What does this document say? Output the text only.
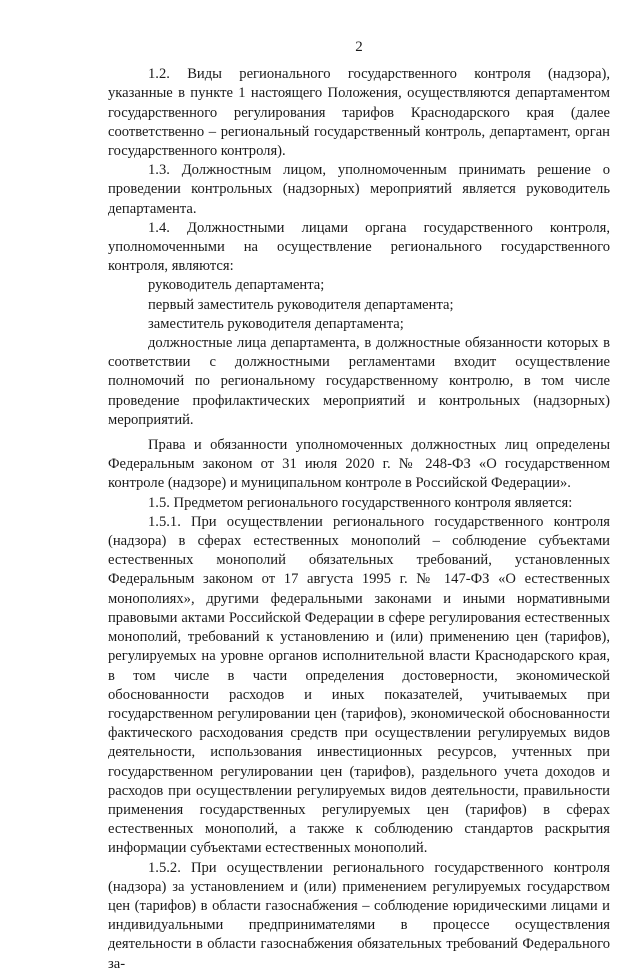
2

1.2. Виды регионального государственного контроля (надзора), указанные в пункте 1 настоящего Положения, осуществляются департаментом государственного регулирования тарифов Краснодарского края (далее соответственно – региональный государственный контроль, департамент, орган государственного контроля).

1.3. Должностным лицом, уполномоченным принимать решение о проведении контрольных (надзорных) мероприятий является руководитель департамента.

1.4. Должностными лицами органа государственного контроля, уполномоченными на осуществление регионального государственного контроля, являются:

руководитель департамента;

первый заместитель руководителя департамента;

заместитель руководителя департамента;

должностные лица департамента, в должностные обязанности которых в соответствии с должностными регламентами входит осуществление полномочий по региональному государственному контролю, в том числе проведение профилактических мероприятий и контрольных (надзорных) мероприятий.

Права и обязанности уполномоченных должностных лиц определены Федеральным законом от 31 июля 2020 г. № 248-ФЗ «О государственном контроле (надзоре) и муниципальном контроле в Российской Федерации».

1.5. Предметом регионального государственного контроля является:

1.5.1. При осуществлении регионального государственного контроля (надзора) в сферах естественных монополий – соблюдение субъектами естественных монополий обязательных требований, установленных Федеральным законом от 17 августа 1995 г. № 147-ФЗ «О естественных монополиях», другими федеральными законами и иными нормативными правовыми актами Российской Федерации в сфере регулирования естественных монополий, требований к установлению и (или) применению цен (тарифов), регулируемых на уровне органов исполнительной власти Краснодарского края, в том числе в части определения достоверности, экономической обоснованности расходов и иных показателей, учитываемых при государственном регулировании цен (тарифов), экономической обоснованности фактического расходования средств при осуществлении регулируемых видов деятельности, использования инвестиционных ресурсов, учтенных при государственном регулировании цен (тарифов), раздельного учета доходов и расходов при осуществлении регулируемых видов деятельности, правильности применения государственных регулируемых цен (тарифов) в сферах естественных монополий, а также к соблюдению стандартов раскрытия информации субъектами естественных монополий.

1.5.2. При осуществлении регионального государственного контроля (надзора) за установлением и (или) применением регулируемых государством цен (тарифов) в области газоснабжения – соблюдение юридическими лицами и индивидуальными предпринимателями в процессе осуществления деятельности в области газоснабжения обязательных требований Федерального за-
